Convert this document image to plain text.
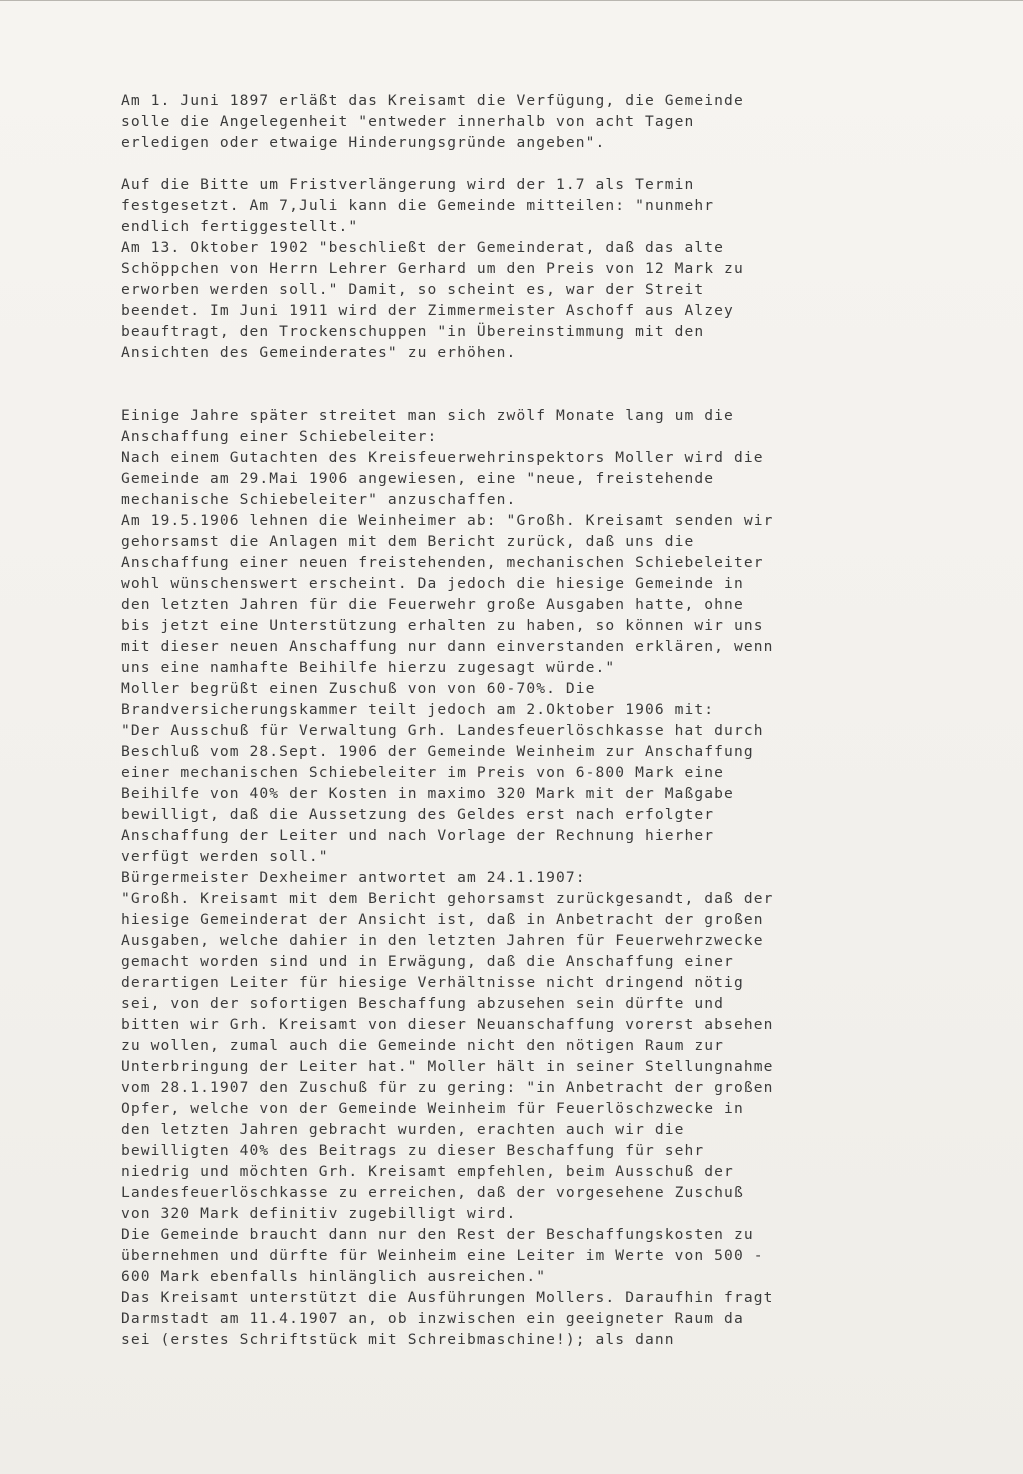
Am 1. Juni 1897 erläßt das Kreisamt die Verfügung, die Gemeinde
solle die Angelegenheit "entweder innerhalb von acht Tagen
erledigen oder etwaige Hinderungsgründe angeben".
Auf die Bitte um Fristverlängerung wird der 1.7 als Termin
festgesetzt. Am 7,Juli kann die Gemeinde mitteilen: "nunmehr
endlich fertiggestellt."
Am 13. Oktober 1902 "beschließt der Gemeinderat, daß das alte
Schöppchen von Herrn Lehrer Gerhard um den Preis von 12 Mark zu
erworben werden soll." Damit, so scheint es, war der Streit
beendet. Im Juni 1911 wird der Zimmermeister Aschoff aus Alzey
beauftragt, den Trockenschuppen "in Übereinstimmung mit den
Ansichten des Gemeinderates" zu erhöhen.
Einige Jahre später streitet man sich zwölf Monate lang um die
Anschaffung einer Schiebeleiter:
Nach einem Gutachten des Kreisfeuerwehrinspektors Moller wird die
Gemeinde am 29.Mai 1906 angewiesen, eine "neue, freistehende
mechanische Schiebeleiter" anzuschaffen.
Am 19.5.1906 lehnen die Weinheimer ab: "Großh. Kreisamt senden wir
gehorsamst die Anlagen mit dem Bericht zurück, daß uns die
Anschaffung einer neuen freistehenden, mechanischen Schiebeleiter
wohl wünschenswert erscheint. Da jedoch die hiesige Gemeinde in
den letzten Jahren für die Feuerwehr große Ausgaben hatte, ohne
bis jetzt eine Unterstützung erhalten zu haben, so können wir uns
mit dieser neuen Anschaffung nur dann einverstanden erklären, wenn
uns eine namhafte Beihilfe hierzu zugesagt würde."
Moller begrüßt einen Zuschuß von von 60-70%. Die
Brandversicherungskammer teilt jedoch am 2.Oktober 1906 mit:
"Der Ausschuß für Verwaltung Grh. Landesfeuerlöschkasse hat durch
Beschluß vom 28.Sept. 1906 der Gemeinde Weinheim zur Anschaffung
einer mechanischen Schiebeleiter im Preis von 6-800 Mark eine
Beihilfe von 40% der Kosten in maximo 320 Mark mit der Maßgabe
bewilligt, daß die Aussetzung des Geldes erst nach erfolgter
Anschaffung der Leiter und nach Vorlage der Rechnung hierher
verfügt werden soll."
Bürgermeister Dexheimer antwortet am 24.1.1907:
"Großh. Kreisamt mit dem Bericht gehorsamst zurückgesandt, daß der
hiesige Gemeinderat der Ansicht ist, daß in Anbetracht der großen
Ausgaben, welche dahier in den letzten Jahren für Feuerwehrzwecke
gemacht worden sind und in Erwägung, daß die Anschaffung einer
derartigen Leiter für hiesige Verhältnisse nicht dringend nötig
sei, von der sofortigen Beschaffung abzusehen sein dürfte und
bitten wir Grh. Kreisamt von dieser Neuanschaffung vorerst absehen
zu wollen, zumal auch die Gemeinde nicht den nötigen Raum zur
Unterbringung der Leiter hat." Moller hält in seiner Stellungnahme
vom 28.1.1907 den Zuschuß für zu gering: "in Anbetracht der großen
Opfer, welche von der Gemeinde Weinheim für Feuerlöschzwecke in
den letzten Jahren gebracht wurden, erachten auch wir die
bewilligten 40% des Beitrags zu dieser Beschaffung für sehr
niedrig und möchten Grh. Kreisamt empfehlen, beim Ausschuß der
Landesfeuerlöschkasse zu erreichen, daß der vorgesehene Zuschuß
von 320 Mark definitiv zugebilligt wird.
Die Gemeinde braucht dann nur den Rest der Beschaffungskosten zu
übernehmen und dürfte für Weinheim eine Leiter im Werte von 500 -
600 Mark ebenfalls hinlänglich ausreichen."
Das Kreisamt unterstützt die Ausführungen Mollers. Daraufhin fragt
Darmstadt am 11.4.1907 an, ob inzwischen ein geeigneter Raum da
sei (erstes Schriftstück mit Schreibmaschine!); als dann
